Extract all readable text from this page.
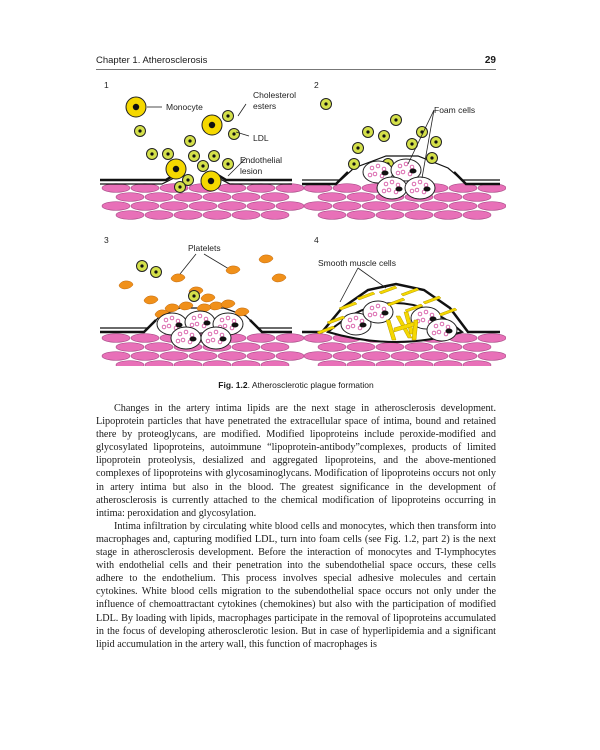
Chapter 1. Atherosclerosis	29
1
Monocyte
Cholesterol
esters
LDL
Endothelial
lesion
2
Foam cells
3
Platelets
4
Smooth muscle cells
Fig. 1.2. Atherosclerotic plague formation

Changes in the artery intima lipids are the next stage in atherosclerosis development. Lipoprotein particles that have penetrated the extracellular space of intima, bound and retained there by proteoglycans, are modified. Modified lipoproteins include peroxide-modified and glycosylated lipoproteins, autoimmune “lipoprotein-antibody”complexes, products of limited lipoprotein proteolysis, desialized and aggregated lipoproteins, and the above-mentioned complexes of lipoproteins with glycosaminoglycans. Modification of lipoproteins occurs not only in artery intima but also in the blood. The greatest significance in the development of atherosclerosis is currently attached to the chemical modification of lipoproteins occurring in intima: peroxidation and glycosylation.

Intima infiltration by circulating white blood cells and monocytes, which then transform into macrophages and, capturing modified LDL, turn into foam cells (see Fig. 1.2, part 2) is the next stage in atherosclerosis development. Before the interaction of monocytes and T-lymphocytes with endothelial cells and their penetration into the subendothelial space occurs, these cells adhere to the endothelium. This process involves special adhesive molecules and certain cytokines. White blood cells migration to the subendothelial space occurs not only under the influence of chemoattractant cytokines (chemokines) but also with the participation of modified LDL. By loading with lipids, macrophages participate in the removal of lipoproteins accumulated in the focus of developing atherosclerotic lesion. But in case of hyperlipidemia and a significant lipid accumulation in the artery wall, this function of macrophages is
